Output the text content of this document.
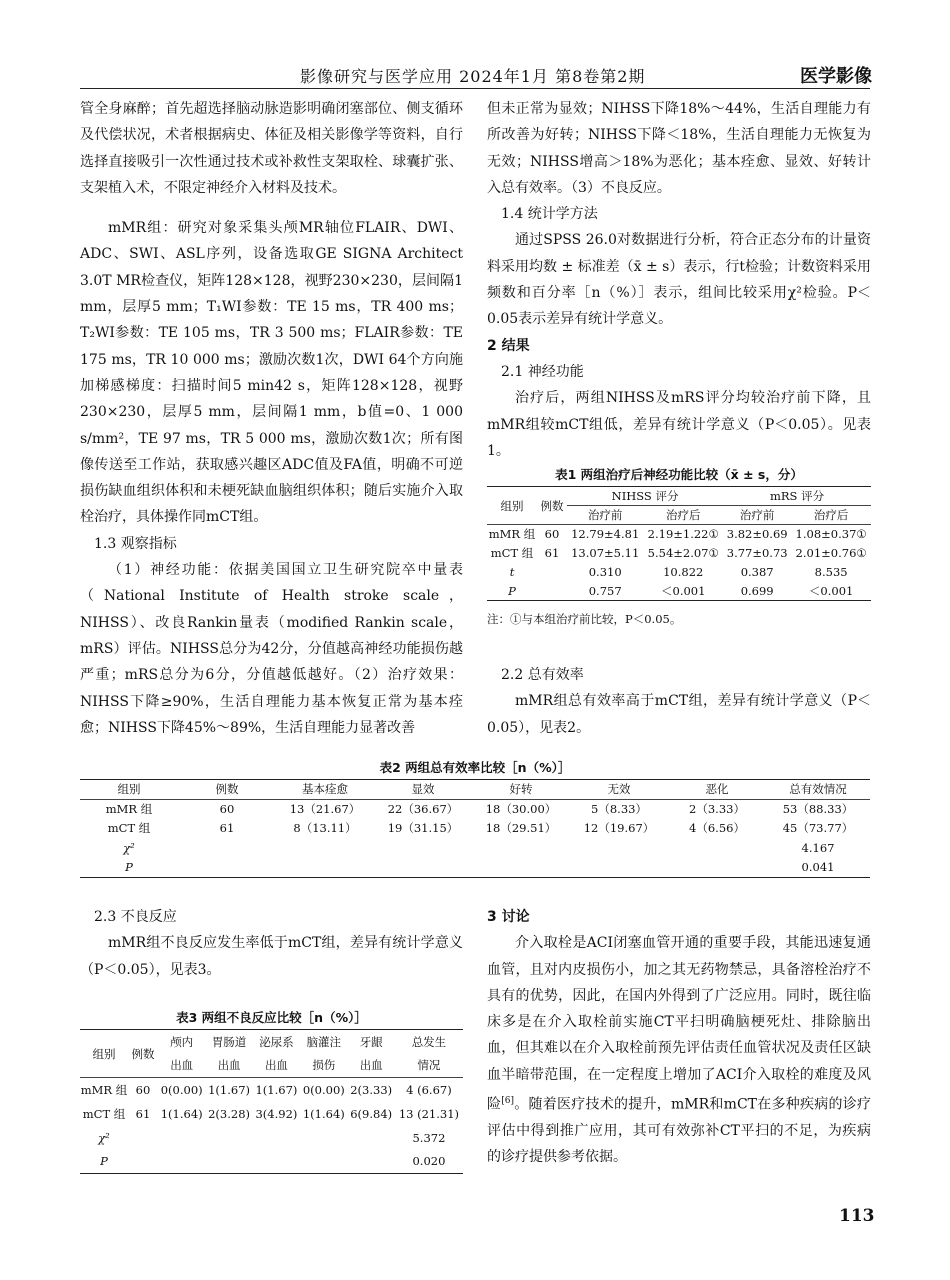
影像研究与医学应用 2024年1月 第8卷第2期	医学影像

管全身麻醉；首先超选择脑动脉造影明确闭塞部位、侧支循环及代偿状况，术者根据病史、体征及相关影像学等资料，自行选择直接吸引一次性通过技术或补救性支架取栓、球囊扩张、支架植入术，不限定神经介入材料及技术。

mMR组：研究对象采集头颅MR轴位FLAIR、DWI、ADC、SWI、ASL序列，设备选取GE SIGNA Architect 3.0T MR检查仪，矩阵128×128，视野230×230，层间隔1 mm，层厚5 mm；T₁WI参数：TE 15 ms，TR 400 ms；T₂WI参数：TE 105 ms，TR 3 500 ms；FLAIR参数：TE 175 ms，TR 10 000 ms；激励次数1次，DWI 64个方向施加梯感梯度：扫描时间5 min42 s，矩阵128×128，视野230×230，层厚5 mm，层间隔1 mm，b值=0、1 000 s/mm²，TE 97 ms，TR 5 000 ms，激励次数1次；所有图像传送至工作站，获取感兴趣区ADC值及FA值，明确不可逆损伤缺血组织体积和未梗死缺血脑组织体积；随后实施介入取栓治疗，具体操作同mCT组。

1.3 观察指标

（1）神经功能：依据美国国立卫生研究院卒中量表（National Institute of Health stroke scale，NIHSS）、改良Rankin量表（modified Rankin scale，mRS）评估。NIHSS总分为42分，分值越高神经功能损伤越严重；mRS总分为6分，分值越低越好。（2）治疗效果：NIHSS下降≥90%，生活自理能力基本恢复正常为基本痊愈；NIHSS下降45%～89%，生活自理能力显著改善

但未正常为显效；NIHSS下降18%～44%，生活自理能力有所改善为好转；NIHSS下降＜18%，生活自理能力无恢复为无效；NIHSS增高＞18%为恶化；基本痊愈、显效、好转计入总有效率。（3）不良反应。

1.4 统计学方法

通过SPSS 26.0对数据进行分析，符合正态分布的计量资料采用均数 ± 标准差（x̄ ± s）表示，行t检验；计数资料采用频数和百分率［n（%）］表示，组间比较采用χ²检验。P＜0.05表示差异有统计学意义。

2 结果

2.1 神经功能

治疗后，两组NIHSS及mRS评分均较治疗前下降，且mMR组较mCT组低，差异有统计学意义（P＜0.05）。见表1。

2.2 总有效率

mMR组总有效率高于mCT组，差异有统计学意义（P＜0.05），见表2。

表1 两组治疗后神经功能比较（x̄ ± s，分）
组别	例数	NIHSS 评分		mRS 评分	
		治疗前	治疗后	治疗前	治疗后
mMR 组	60	12.79±4.81	2.19±1.22①	3.82±0.69	1.08±0.37①
mCT 组	61	13.07±5.11	5.54±2.07①	3.77±0.73	2.01±0.76①
t		0.310	10.822	0.387	8.535
P		0.757	＜0.001	0.699	＜0.001
注：①与本组治疗前比较，P＜0.05。
表2 两组总有效率比较［n（%）］
组别	例数	基本痊愈	显效	好转	无效	恶化	总有效情况
mMR 组	60	13（21.67）	22（36.67）	18（30.00）	5（8.33）	2（3.33）	53（88.33）
mCT 组	61	8（13.11）	19（31.15）	18（29.51）	12（19.67）	4（6.56）	45（73.77）
χ²							4.167
P							0.041

2.3 不良反应

mMR组不良反应发生率低于mCT组，差异有统计学意义（P＜0.05），见表3。

表3 两组不良反应比较［n（%）］
组别	例数	颅内	胃肠道	泌尿系	脑灌注	牙龈	总发生
		出血	出血	出血	损伤	出血	情况
mMR 组	60	0(0.00)	1(1.67)	1(1.67)	0(0.00)	2(3.33)	4 (6.67)
mCT 组	61	1(1.64)	2(3.28)	3(4.92)	1(1.64)	6(9.84)	13 (21.31)
χ²							5.372
P							0.020

3 讨论

介入取栓是ACI闭塞血管开通的重要手段，其能迅速复通血管，且对内皮损伤小，加之其无药物禁忌，具备溶栓治疗不具有的优势，因此，在国内外得到了广泛应用。同时，既往临床多是在介入取栓前实施CT平扫明确脑梗死灶、排除脑出血，但其难以在介入取栓前预先评估责任血管状况及责任区缺血半暗带范围，在一定程度上增加了ACI介入取栓的难度及风险[6]。随着医疗技术的提升，mMR和mCT在多种疾病的诊疗评估中得到推广应用，其可有效弥补CT平扫的不足，为疾病的诊疗提供参考依据。

113
